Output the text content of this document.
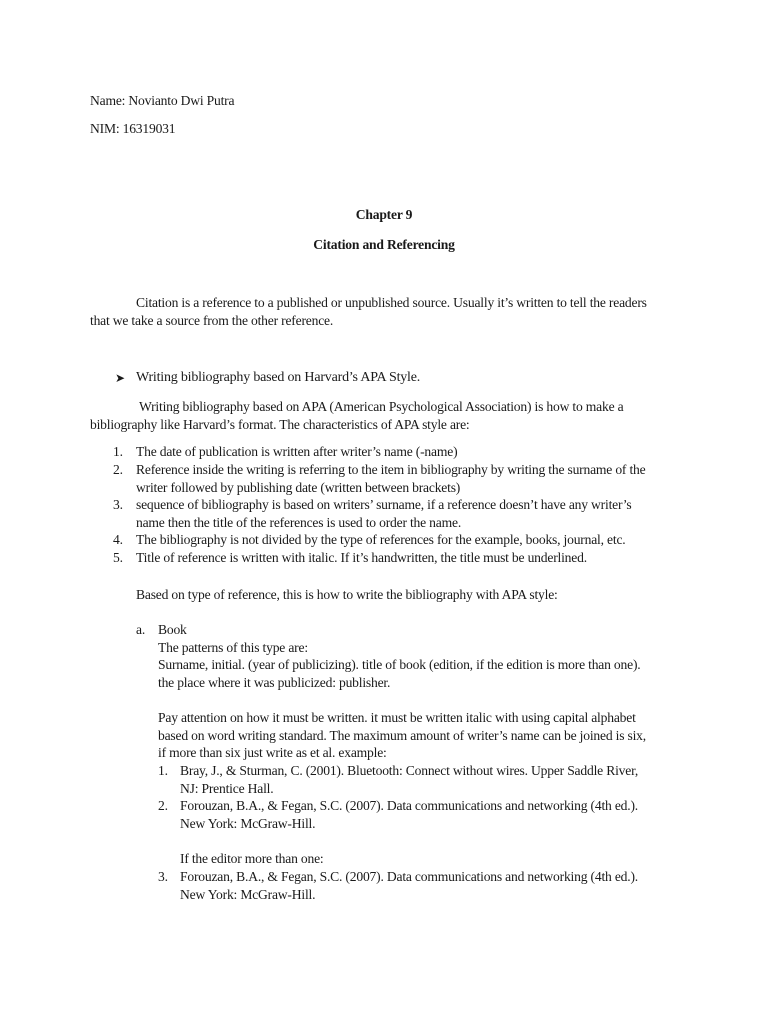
Name: Novianto Dwi Putra
NIM: 16319031
Chapter 9
Citation and Referencing
Citation is a reference to a published or unpublished source. Usually it’s written to tell the readers
that we take a source from the other reference.
➤ Writing bibliography based on Harvard’s APA Style.
Writing bibliography based on APA (American Psychological Association) is how to make a
bibliography like Harvard’s format. The characteristics of APA style are:
1. The date of publication is written after writer’s name (-name)
2. Reference inside the writing is referring to the item in bibliography by writing the surname of the
writer followed by publishing date (written between brackets)
3. sequence of bibliography is based on writers’ surname, if a reference doesn’t have any writer’s
name then the title of the references is used to order the name.
4. The bibliography is not divided by the type of references for the example, books, journal, etc.
5. Title of reference is written with italic. If it’s handwritten, the title must be underlined.
Based on type of reference, this is how to write the bibliography with APA style:
a. Book
The patterns of this type are:
Surname, initial. (year of publicizing). title of book (edition, if the edition is more than one).
the place where it was publicized: publisher.
Pay attention on how it must be written. it must be written italic with using capital alphabet
based on word writing standard. The maximum amount of writer’s name can be joined is six,
if more than six just write as et al. example:
1. Bray, J., & Sturman, C. (2001). Bluetooth: Connect without wires. Upper Saddle River,
NJ: Prentice Hall.
2. Forouzan, B.A., & Fegan, S.C. (2007). Data communications and networking (4th ed.).
New York: McGraw-Hill.
If the editor more than one:
3. Forouzan, B.A., & Fegan, S.C. (2007). Data communications and networking (4th ed.).
New York: McGraw-Hill.
